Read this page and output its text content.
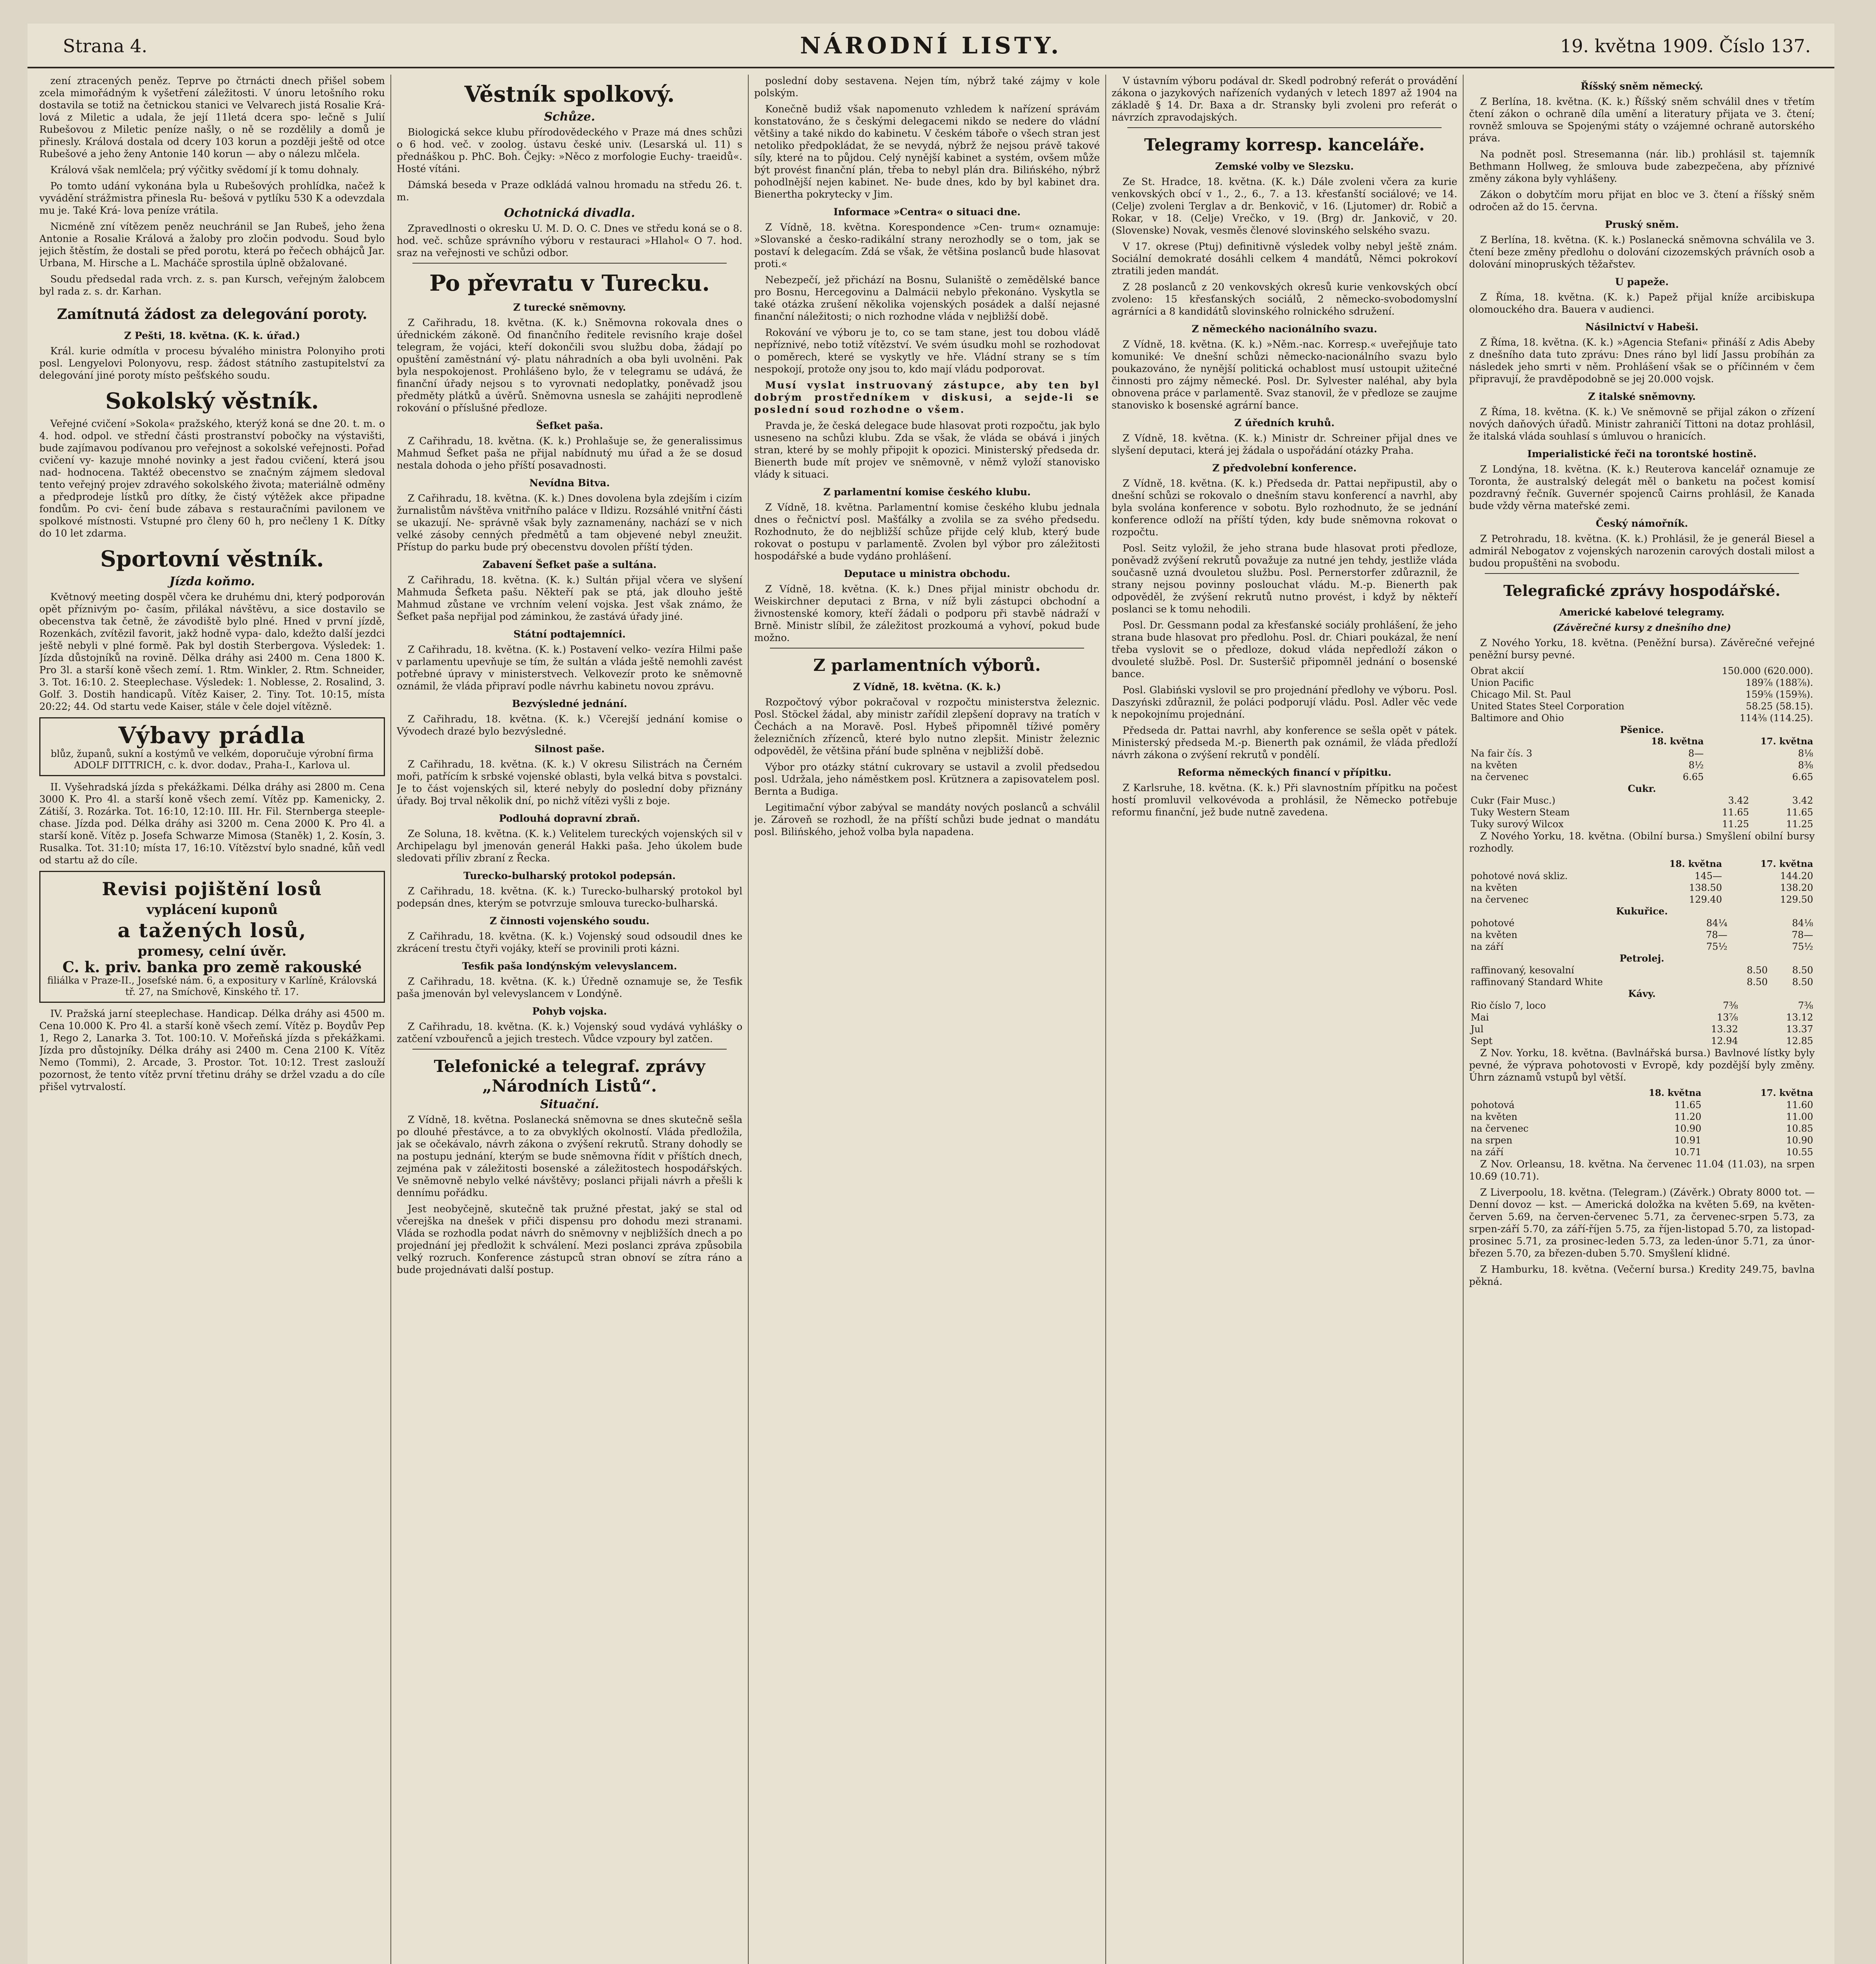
Strana 4.	NÁRODNÍ LISTY.	19. května 1909. Číslo 137.

zení ztracených peněz. Teprve po čtrnácti dnech přišel sobem zcela mimořádným k vyšetření záležitosti. V únoru letošního roku dostavila se totiž na četnickou stanici ve Velvarech jistá Rosalie Krá- lová z Miletic a udala, že její 11letá dcera spo- lečně s Julií Rubešovou z Miletic peníze našly, o ně se rozdělily a domů je přinesly. Králová dostala od dcery 103 korun a později ještě od otce Rubešové a jeho ženy Antonie 140 korun — aby o nálezu mlčela.

Králová však nemlčela; prý výčitky svědomí jí k tomu dohnaly.

Po tomto udání vykonána byla u Rubešových prohlídka, načež k vyvádění strážmistra přinesla Ru- bešová v pytlíku 530 K a odevzdala mu je. Také Krá- lova peníze vrátila.

Nicméně zní vítězem peněz neuchránil se Jan Rubeš, jeho žena Antonie a Rosalie Králová a žaloby pro zločin podvodu. Soud bylo jejich štěstím, že dostali se před porotu, která po řečech obhájců Jar. Urbana, M. Hirsche a L. Macháče sprostila úplně obžalované.

Soudu předsedal rada vrch. z. s. pan Kursch, veřejným žalobcem byl rada z. s. dr. Karhan.

Zamítnutá žádost za delegování poroty.
Z Pešti, 18. května. (K. k. úřad.)

Král. kurie odmítla v procesu bývalého ministra Polonyiho proti posl. Lengyelovi Polonyovu, resp. žádost státního zastupitelství za delegování jiné poroty místo pešťského soudu.

Sokolský věstník.

Veřejné cvičení »Sokola« pražského, kterýž koná se dne 20. t. m. o 4. hod. odpol. ve střední části prostranství pobočky na výstavišti, bude zajímavou podívanou pro veřejnost a sokolské veřejnosti. Pořad cvičení vy- kazuje mnohé novinky a jest řadou cvičení, která jsou nad- hodnocena. Taktéž obecenstvo se značným zájmem sledoval tento veřejný projev zdravého sokolského života; materiálně odměny a předprodeje lístků pro dítky, že čistý výtěžek akce připadne fondům. Po cvi- čení bude zábava s restauračními pavilonem ve spolkové místnosti. Vstupné pro členy 60 h, pro nečleny 1 K. Dítky do 10 let zdarma.

Sportovní věstník.
Jízda koňmo.

Květnový meeting dospěl včera ke druhému dni, který podporován opět příznivým po- časím, přilákal návštěvu, a sice dostavilo se obecenstva tak četně, že závodiště bylo plné. Hned v první jízdě, Rozenkách, zvítězil favorit, jakž hodně vypa- dalo, kdežto další jezdci ještě nebyli v plné formě. Pak byl dostih Sterbergova. Výsledek: 1. Jízda důstojníků na rovině. Dělka dráhy asi 2400 m. Cena 1800 K. Pro 3l. a starší koně všech zemí. 1. Rtm. Winkler, 2. Rtm. Schneider, 3. Tot. 16:10. 2. Steeplechase. Výsledek: 1. Noblesse, 2. Rosalind, 3. Golf. 3. Dostih handicapů. Vítěz Kaiser, 2. Tiny. Tot. 10:15, místa 20:22; 44. Od startu vede Kaiser, stále v čele dojel vítězně.

Výbavy prádla
blůz, županů, sukní a kostýmů ve velkém, doporučuje výrobní firma ADOLF DITTRICH, c. k. dvor. dodav., Praha-I., Karlova ul.

II. Vyšehradská jízda s překážkami. Délka dráhy asi 2800 m. Cena 3000 K. Pro 4l. a starší koně všech zemí. Vítěz pp. Kamenicky, 2. Zátiší, 3. Rozárka. Tot. 16:10, 12:10. III. Hr. Fil. Sternberga steeple-chase. Jízda pod. Délka dráhy asi 3200 m. Cena 2000 K. Pro 4l. a starší koně. Vítěz p. Josefa Schwarze Mimosa (Staněk) 1, 2. Kosín, 3. Rusalka. Tot. 31:10; místa 17, 16:10. Vítězství bylo snadné, kůň vedl od startu až do cíle.

Revisi pojištění losů
vyplácení kuponů
a tažených losů,
promesy, celní úvěr.
C. k. priv. banka pro země rakouské
filiálka v Praze-II., Josefské nám. 6, a expositury v Karlíně, Královská tř. 27, na Smíchově, Kinského tř. 17.

IV. Pražská jarní steeplechase. Handicap. Délka dráhy asi 4500 m. Cena 10.000 K. Pro 4l. a starší koně všech zemí. Vítěz p. Boydův Pep 1, Rego 2, Lanarka 3. Tot. 100:10. V. Mořeňská jízda s překážkami. Jízda pro důstojníky. Délka dráhy asi 2400 m. Cena 2100 K. Vítěz Nemo (Tommi), 2. Arcade, 3. Prostor. Tot. 10:12. Trest zaslouží pozornost, že tento vítěz první třetinu dráhy se držel vzadu a do cíle přišel vytrvalostí.

Věstník spolkový.
Schůze.

Biologická sekce klubu přírodovědeckého v Praze má dnes schůzi o 6 hod. več. v zoolog. ústavu české univ. (Lesarská ul. 11) s přednáškou p. PhC. Boh. Čejky: »Něco z morfologie Euchy- traeidů«. Hosté vítáni.

Dámská beseda v Praze odkládá valnou hromadu na středu 26. t. m.

Ochotnická divadla.

Zpravedlnosti o okresku U. M. D. O. C. Dnes ve středu koná se o 8. hod. več. schůze správního výboru v restauraci »Hlahol« O 7. hod. sraz na veřejnosti ve schůzi odbor.

Po převratu v Turecku.
Z turecké sněmovny.

Z Cařihradu, 18. května. (K. k.) Sněmovna rokovala dnes o úřednickém zákoně. Od finančního ředitele revisního kraje došel telegram, že vojáci, kteří dokončili svou službu doba, žádají po opuštění zaměstnání vý- platu náhradních a oba byli uvolněni. Pak byla nespokojenost. Prohlášeno bylo, že v telegramu se udává, že finanční úřady nejsou s to vyrovnati nedoplatky, poněvadž jsou předměty plátků a úvěrů. Sněmovna usnesla se zahájiti neprodleně rokování o příslušné předloze.

Šefket paša.

Z Cařihradu, 18. května. (K. k.) Prohlašuje se, že generalissimus Mahmud Šefket paša ne přijal nabídnutý mu úřad a že se dosud nestala dohoda o jeho příští posavadnosti.

Nevídna Bitva.

Z Cařihradu, 18. května. (K. k.) Dnes dovolena byla zdejším i cizím žurnalistům návštěva vnitřního paláce v Ildizu. Rozsáhlé vnitřní části se ukazují. Ne- správně však byly zaznamenány, nachází se v nich velké zásoby cenných předmětů a tam objevené nebyl zneužit. Přístup do parku bude prý obecenstvu dovolen příští týden.

Zabavení Šefket paše a sultána.

Z Cařihradu, 18. května. (K. k.) Sultán přijal včera ve slyšení Mahmuda Šefketa pašu. Někteří pak se ptá, jak dlouho ještě Mahmud zůstane ve vrchním velení vojska. Jest však známo, že Šefket paša nepřijal pod záminkou, že zastává úřady jiné.

Státní podtajemníci.

Z Cařihradu, 18. května. (K. k.) Postavení velko- vezíra Hilmi paše v parlamentu upevňuje se tím, že sultán a vláda ještě nemohli zavést potřebné úpravy v ministerstvech. Velkovezír proto ke sněmovně oznámil, že vláda připraví podle návrhu kabinetu novou zprávu.

Bezvýsledné jednání.

Z Cařihradu, 18. května. (K. k.) Včerejší jednání komise o Vývodech drazé bylo bezvýsledné.

Silnost paše.

Z Cařihradu, 18. května. (K. k.) V okresu Silistrách na Černém moři, patřícím k srbské vojenské oblasti, byla velká bitva s povstalci. Je to část vojenských sil, které nebyly do poslední doby přiznány úřady. Boj trval několik dní, po nichž vítězi vyšli z boje.

Podlouhá dopravní zbraň.

Ze Soluna, 18. května. (K. k.) Velitelem tureckých vojenských sil v Archipelagu byl jmenován generál Hakki paša. Jeho úkolem bude sledovati příliv zbraní z Řecka.

Turecko-bulharský protokol podepsán.

Z Cařihradu, 18. května. (K. k.) Turecko-bulharský protokol byl podepsán dnes, kterým se potvrzuje smlouva turecko-bulharská.

Z činnosti vojenského soudu.

Z Cařihradu, 18. května. (K. k.) Vojenský soud odsoudil dnes ke zkrácení trestu čtyři vojáky, kteří se provinili proti kázni.

Tesfik paša londýnským velevyslancem.

Z Cařihradu, 18. května. (K. k.) Úředně oznamuje se, že Tesfik paša jmenován byl velevyslancem v Londýně.

Pohyb vojska.

Z Cařihradu, 18. května. (K. k.) Vojenský soud vydává vyhlášky o zatčení vzbouřenců a jejich trestech. Vůdce vzpoury byl zatčen.

Telefonické a telegraf. zprávy „Národních Listů“.
Situační.

Z Vídně, 18. května. Poslanecká sněmovna se dnes skutečně sešla po dlouhé přestávce, a to za obvyklých okolností. Vláda předložila, jak se očekávalo, návrh zákona o zvýšení rekrutů. Strany dohodly se na postupu jednání, kterým se bude sněmovna řídit v příštích dnech, zejména pak v záležitosti bosenské a záležitostech hospodářských. Ve sněmovně nebylo velké návštěvy; poslanci přijali návrh a přešli k dennímu pořádku.

Jest neobyčejně, skutečně tak pružné přestat, jaký se stal od včerejška na dnešek v přiči dispensu pro dohodu mezi stranami. Vláda se rozhodla podat návrh do sněmovny v nejbližších dnech a po projednání jej předložit k schválení. Mezi poslanci zpráva způsobila velký rozruch. Konference zástupců stran obnoví se zítra ráno a bude projednávati další postup.

poslední doby sestavena. Nejen tím, nýbrž také zájmy v kole polským.

Konečně budiž však napomenuto vzhledem k nařízení správám konstatováno, že s českými delegacemi nikdo se nedere do vládní většiny a také nikdo do kabinetu. V českém táboře o všech stran jest netoliko předpokládat, že se nevydá, nýbrž že nejsou právě takové síly, které na to půjdou. Celý nynější kabinet a systém, ovšem může být provést finanční plán, třeba to nebyl plán dra. Bilińského, nýbrž pohodlnější nejen kabinet. Ne- bude dnes, kdo by byl kabinet dra. Bienertha pokrytecky v Jim.

Informace »Centra« o situaci dne.

Z Vídně, 18. května. Korespondence »Cen- trum« oznamuje: »Slovanské a česko-radikální strany nerozhodly se o tom, jak se postaví k delegacím. Zdá se však, že většina poslanců bude hlasovat proti.«

Nebezpečí, jež přichází na Bosnu, Sulaniště o zemědělské bance pro Bosnu, Hercegovinu a Dalmácii nebylo překonáno. Vyskytla se také otázka zrušení několika vojenských posádek a další nejasné finanční náležitosti; o nich rozhodne vláda v nejbližší době.

Rokování ve výboru je to, co se tam stane, jest tou dobou vládě nepříznivé, nebo totiž vítězství. Ve svém úsudku mohl se rozhodovat o poměrech, které se vyskytly ve hře. Vládní strany se s tím nespokojí, protože ony jsou to, kdo mají vládu podporovat.

Musí vyslat instruovaný zástupce, aby ten byl dobrým prostředníkem v diskusi, a sejde-li se poslední soud rozhodne o všem.

Pravda je, že česká delegace bude hlasovat proti rozpočtu, jak bylo usneseno na schůzi klubu. Zda se však, že vláda se obává i jiných stran, které by se mohly připojit k opozici. Ministerský předseda dr. Bienerth bude mít projev ve sněmovně, v němž vyloží stanovisko vlády k situaci.

Z parlamentní komise českého klubu.

Z Vídně, 18. května. Parlamentní komise českého klubu jednala dnes o řečnictví posl. Mašťálky a zvolila se za svého předsedu. Rozhodnuto, že do nejbližší schůze přijde celý klub, který bude rokovat o postupu v parlamentě. Zvolen byl výbor pro záležitosti hospodářské a bude vydáno prohlášení.

Deputace u ministra obchodu.

Z Vídně, 18. května. (K. k.) Dnes přijal ministr obchodu dr. Weiskirchner deputaci z Brna, v níž byli zástupci obchodní a živnostenské komory, kteří žádali o podporu při stavbě nádraží v Brně. Ministr slíbil, že záležitost prozkoumá a vyhoví, pokud bude možno.

Z parlamentních výborů.
Z Vídně, 18. května. (K. k.)

Rozpočtový výbor pokračoval v rozpočtu ministerstva železnic. Posl. Stöckel žádal, aby ministr zařídil zlepšení dopravy na tratích v Čechách a na Moravě. Posl. Hybeš připomněl tíživé poměry železničních zřízenců, které bylo nutno zlepšit. Ministr železnic odpověděl, že většina přání bude splněna v nejbližší době.

Výbor pro otázky státní cukrovary se ustavil a zvolil předsedou posl. Udržala, jeho náměstkem posl. Krütznera a zapisovatelem posl. Bernta a Budiga.

Legitimační výbor zabýval se mandáty nových poslanců a schválil je. Zároveň se rozhodl, že na příští schůzi bude jednat o mandátu posl. Bilińského, jehož volba byla napadena.

V ústavním výboru podával dr. Skedl podrobný referát o provádění zákona o jazykových nařízeních vydaných v letech 1897 až 1904 na základě § 14. Dr. Baxa a dr. Stransky byli zvoleni pro referát o návrzích zpravodajských.

Telegramy korresp. kanceláře.
Zemské volby ve Slezsku.

Ze St. Hradce, 18. května. (K. k.) Dále zvoleni včera za kurie venkovských obcí v 1., 2., 6., 7. a 13. křesťanští sociálové; ve 14. (Celje) zvoleni Terglav a dr. Benkovič, v 16. (Ljutomer) dr. Robič a Rokar, v 18. (Celje) Vrečko, v 19. (Brg) dr. Jankovič, v 20. (Slovenske) Novak, vesměs členové slovinského selského svazu.

V 17. okrese (Ptuj) definitivně výsledek volby nebyl ještě znám. Sociální demokraté dosáhli celkem 4 mandátů, Němci pokrokoví ztratili jeden mandát.

Z 28 poslanců z 20 venkovských okresů kurie venkovských obcí zvoleno: 15 křesťanských sociálů, 2 německo-svobodomyslní agrárníci a 8 kandidátů slovinského rolnického sdružení.

Z německého nacionálního svazu.

Z Vídně, 18. května. (K. k.) »Něm.-nac. Korresp.« uveřejňuje tato komuniké: Ve dnešní schůzi německo-nacionálního svazu bylo poukazováno, že nynější politická ochablost musí ustoupit užitečné činnosti pro zájmy německé. Posl. Dr. Sylvester naléhal, aby byla obnovena práce v parlamentě. Svaz stanovil, že v předloze se zaujme stanovisko k bosenské agrární bance.

Z úředních kruhů.

Z Vídně, 18. května. (K. k.) Ministr dr. Schreiner přijal dnes ve slyšení deputaci, která jej žádala o uspořádání otázky Praha.

Z předvolební konference.

Z Vídně, 18. května. (K. k.) Předseda dr. Pattai nepřipustil, aby o dnešní schůzi se rokovalo o dnešním stavu konferencí a navrhl, aby byla svolána konference v sobotu. Bylo rozhodnuto, že se jednání konference odloží na příští týden, kdy bude sněmovna rokovat o rozpočtu.

Posl. Seitz vyložil, že jeho strana bude hlasovat proti předloze, poněvadž zvýšení rekrutů považuje za nutné jen tehdy, jestliže vláda současně uzná dvouletou službu. Posl. Pernerstorfer zdůraznil, že strany nejsou povinny poslouchat vládu. M.-p. Bienerth pak odpověděl, že zvýšení rekrutů nutno provést, i když by někteří poslanci se k tomu nehodili.

Posl. Dr. Gessmann podal za křesťanské sociály prohlášení, že jeho strana bude hlasovat pro předlohu. Posl. dr. Chiari poukázal, že není třeba vyslovit se o předloze, dokud vláda nepředloží zákon o dvouleté službě. Posl. Dr. Susteršič připomněl jednání o bosenské bance.

Posl. Glabiński vyslovil se pro projednání předlohy ve výboru. Posl. Daszyński zdůraznil, že poláci podporují vládu. Posl. Adler věc vede k nepokojnímu projednání.

Předseda dr. Pattai navrhl, aby konference se sešla opět v pátek. Ministerský předseda M.-p. Bienerth pak oznámil, že vláda předloží návrh zákona o zvýšení rekrutů v pondělí.

Reforma německých financí v přípitku.

Z Karlsruhe, 18. května. (K. k.) Při slavnostním přípitku na počest hostí promluvil velkovévoda a prohlásil, že Německo potřebuje reformu finanční, jež bude nutně zavedena.

Říšský sněm německý.

Z Berlína, 18. května. (K. k.) Říšský sněm schválil dnes v třetím čtení zákon o ochraně díla umění a literatury přijata ve 3. čtení; rovněž smlouva se Spojenými státy o vzájemné ochraně autorského práva.

Na podnět posl. Stresemanna (nár. lib.) prohlásil st. tajemník Bethmann Hollweg, že smlouva bude zabezpečena, aby příznivé změny zákona byly vyhlášeny.

Zákon o dobytčím moru přijat en bloc ve 3. čtení a říšský sněm odročen až do 15. června.

Pruský sněm.

Z Berlína, 18. května. (K. k.) Poslanecká sněmovna schválila ve 3. čtení beze změny předlohu o dolování cizozemských právních osob a dolování minopruských těžařstev.

U papeže.

Z Říma, 18. května. (K. k.) Papež přijal kníže arcibiskupa olomouckého dra. Bauera v audienci.

Násilnictví v Habeši.

Z Říma, 18. května. (K. k.) »Agencia Stefani« přináší z Adis Abeby z dnešního data tuto zprávu: Dnes ráno byl lidí Jassu probíhán za následek jeho smrti v něm. Prohlášení však se o příčinném v čem připravují, že pravděpodobně se jej 20.000 vojsk.

Z italské sněmovny.

Z Říma, 18. května. (K. k.) Ve sněmovně se přijal zákon o zřízení nových daňových úřadů. Ministr zahraničí Tittoni na dotaz prohlásil, že italská vláda souhlasí s úmluvou o hranicích.

Imperialistické řeči na torontské hostině.

Z Londýna, 18. května. (K. k.) Reuterova kancelář oznamuje ze Toronta, že australský delegát měl o banketu na počest komisí pozdravný řečník. Guvernér spojenců Cairns prohlásil, že Kanada bude vždy věrna mateřské zemi.

Český námořník.

Z Petrohradu, 18. května. (K. k.) Prohlásil, že je generál Biesel a admirál Nebogatov z vojenských narozenin carových dostali milost a budou propuštěni na svobodu.

Telegrafické zprávy hospodářské.
Americké kabelové telegramy.
(Závěrečné kursy z dnešního dne)

Z Nového Yorku, 18. května. (Peněžní bursa). Závěrečné veřejné peněžní bursy pevné.

Obrat akcií	150.000 (620.000).
Union Pacific	189⅞ (188⅞).
Chicago Mil. St. Paul	159⅝ (159⅜).
United States Steel Corporation	58.25 (58.15).
Baltimore and Ohio	114⅜ (114.25).
Pšenice.		
	18. května	17. května
Na fair čís. 3	8—	8⅛
na květen	8½	8⅜
na červenec	6.65	6.65
Cukr.		
Cukr (Fair Musc.)	3.42	3.42
Tuky Western Steam	11.65	11.65
Tuky surový Wilcox	11.25	11.25

Z Nového Yorku, 18. května. (Obilní bursa.) Smyšlení obilní bursy rozhodly.

	18. května	17. května
pohotové nová skliz.	145—	144.20
na květen	138.50	138.20
na červenec	129.40	129.50
Kukuřice.		
pohotové	84¼	84⅛
na květen	78—	78—
na září	75½	75½
Petrolej.		
raffinovaný, kesovalní	8.50	8.50
raffinovaný Standard White	8.50	8.50
Kávy.		
Rio číslo 7, loco	7⅜	7⅜
Mai	13⅞	13.12
Jul	13.32	13.37
Sept	12.94	12.85

Z Nov. Yorku, 18. května. (Bavlnářská bursa.) Bavlnové lístky byly pevné, že výprava pohotovosti v Evropě, kdy pozdější byly změny. Úhrn záznamů vstupů byl větší.

	18. května	17. května
pohotová	11.65	11.60
na květen	11.20	11.00
na červenec	10.90	10.85
na srpen	10.91	10.90
na září	10.71	10.55

Z Nov. Orleansu, 18. května. Na červenec 11.04 (11.03), na srpen 10.69 (10.71).

Z Liverpoolu, 18. května. (Telegram.) (Závěrk.) Obraty 8000 tot. — Denní dovoz — kst. — Americká doložka na květen 5.69, na květen-červen 5.69, na červen-červenec 5.71, za červenec-srpen 5.73, za srpen-září 5.70, za září-říjen 5.75, za říjen-listopad 5.70, za listopad-prosinec 5.71, za prosinec-leden 5.73, za leden-únor 5.71, za únor-březen 5.70, za březen-duben 5.70. Smyšlení klidné.

Z Hamburku, 18. května. (Večerní bursa.) Kredity 249.75, bavlna pěkná.
